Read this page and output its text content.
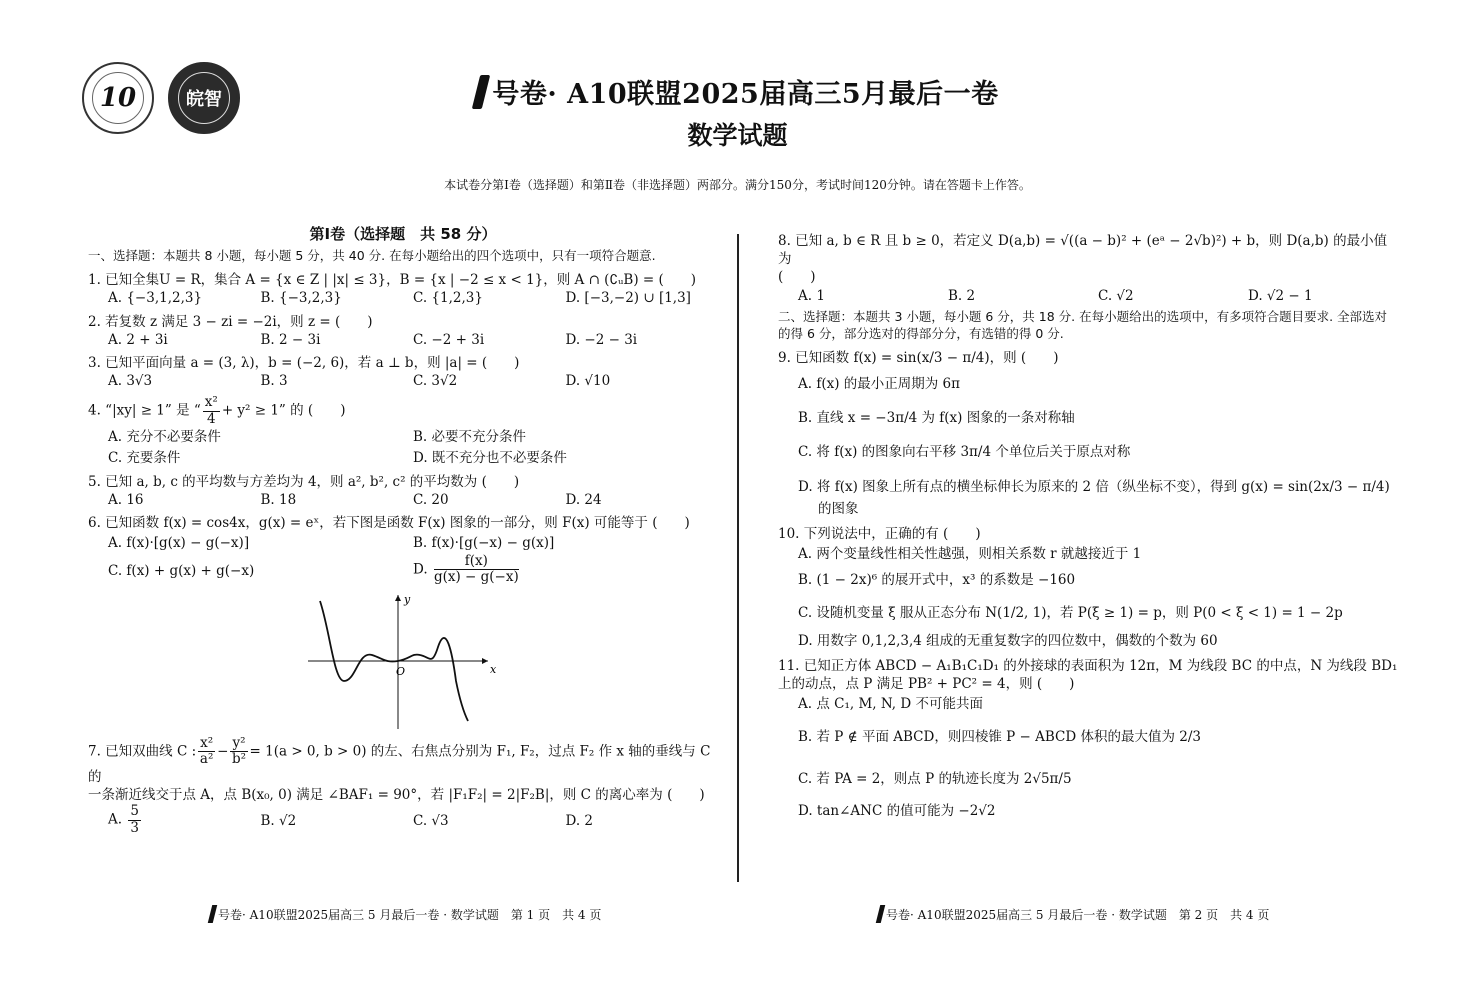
10	皖智	号卷· A10联盟2025届高三5月最后一卷
数学试题
本试卷分第Ⅰ卷（选择题）和第Ⅱ卷（非选择题）两部分。满分150分，考试时间120分钟。请在答题卡上作答。
第Ⅰ卷（选择题　共 58 分）
一、选择题：本题共 8 小题，每小题 5 分，共 40 分. 在每小题给出的四个选项中，只有一项符合题意.
1. 已知全集U = R，集合 A = {x ∈ Z | |x| ≤ 3}，B = {x | −2 ≤ x < 1}，则 A ∩ (∁ᵤB) = (　　)
A. {−3,1,2,3}	B. {−3,2,3}	C. {1,2,3}	D. [−3,−2) ∪ [1,3]
2. 若复数 z 满足 3 − zi = −2i，则 z = (　　)
A. 2 + 3i	B. 2 − 3i	C. −2 + 3i	D. −2 − 3i
3. 已知平面向量 a = (3, λ)，b = (−2, 6)，若 a ⊥ b，则 |a| = (　　)
A. 3√3	B. 3	C. 3√2	D. √10
4. “|xy| ≥ 1” 是 “ $\frac{\text{x²}}{4} + y^2 \ge 1$” 的 (　　)
A. 充分不必要条件	B. 必要不充分条件
C. 充要条件	D. 既不充分也不必要条件
5. 已知 a, b, c 的平均数与方差均为 4，则 a², b², c² 的平均数为 (　　)
A. 16	B. 18	C. 20	D. 24
6. 已知函数 f(x) = cos4x，g(x) = eˣ，若下图是函数 F(x) 图象的一部分，则 F(x) 可能等于 (　　)
A. f(x)·[g(x) − g(−x)]	B. f(x)·[g(−x) − g(x)]
C. f(x) + g(x) + g(−x)	D. $\frac{f(x)}{g(x) - g(-x)}$
y
x
O
7. 已知双曲线 C : $\frac{\text{x²}}{\text{a²}} - \frac{\text{y²}}{\text{b²}} = 1(a > 0$, b > 0) 的左、右焦点分别为 F₁, F₂，过点 F₂ 作 x 轴的垂线与 C 的
一条渐近线交于点 A，点 B(x₀, 0) 满足 ∠BAF₁ = 90°，若 |F₁F₂| = 2|F₂B|，则 C 的离心率为 (　　)
A. $\frac{5}{3}$	B. √2	C. √3	D. 2
8. 已知 a, b ∈ R 且 b ≥ 0，若定义 D(a,b) = √((a − b)² + (eᵃ − 2√b)²) + b，则 D(a,b) 的最小值为
(　　)
A. 1	B. 2	C. √2	D. √2 − 1
二、选择题：本题共 3 小题，每小题 6 分，共 18 分. 在每小题给出的选项中，有多项符合题目要求. 全部选对的得 6 分，部分选对的得部分分，有选错的得 0 分.
9. 已知函数 f(x) = sin(x/3 − π/4)，则 (　　)
A. f(x) 的最小正周期为 6π
B. 直线 x = −3π/4 为 f(x) 图象的一条对称轴
C. 将 f(x) 的图象向右平移 3π/4 个单位后关于原点对称
D. 将 f(x) 图象上所有点的横坐标伸长为原来的 2 倍（纵坐标不变），得到 g(x) = sin(2x/3 − π/4)
的图象
10. 下列说法中，正确的有 (　　)
A. 两个变量线性相关性越强，则相关系数 r 就越接近于 1
B. (1 − 2x)⁶ 的展开式中，x³ 的系数是 −160
C. 设随机变量 ξ 服从正态分布 N(1/2, 1)，若 P(ξ ≥ 1) = p，则 P(0 < ξ < 1) = 1 − 2p
D. 用数字 0,1,2,3,4 组成的无重复数字的四位数中，偶数的个数为 60
11. 已知正方体 ABCD − A₁B₁C₁D₁ 的外接球的表面积为 12π，M 为线段 BC 的中点，N 为线段 BD₁
上的动点，点 P 满足 PB² + PC² = 4，则 (　　)
A. 点 C₁, M, N, D 不可能共面
B. 若 P ∉ 平面 ABCD，则四棱锥 P − ABCD 体积的最大值为 2/3
C. 若 PA = 2，则点 P 的轨迹长度为 2√5π/5
D. tan∠ANC 的值可能为 −2√2
号卷· A10联盟2025届高三 5 月最后一卷 · 数学试题　第 1 页　共 4 页	号卷· A10联盟2025届高三 5 月最后一卷 · 数学试题　第 2 页　共 4 页
